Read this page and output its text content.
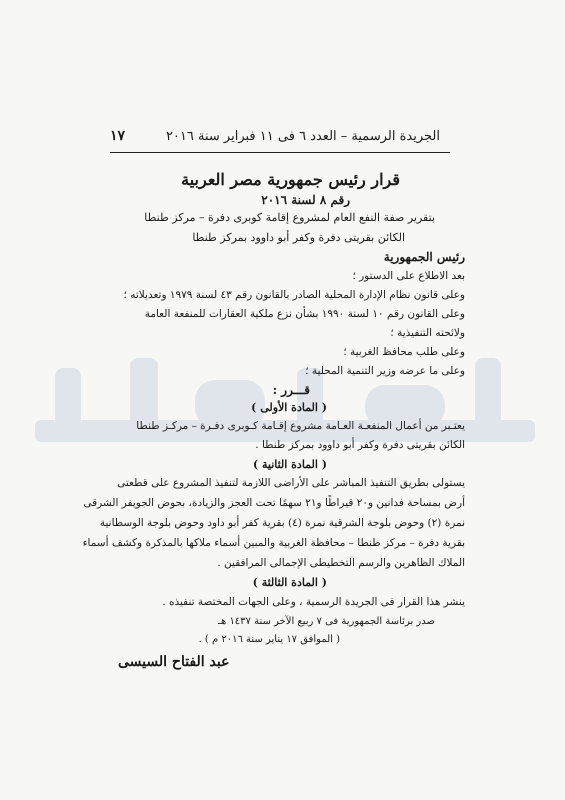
الجريدة الرسمية – العدد ٦ فى ١١ فبراير سنة ٢٠١٦
١٧
قرار رئيس جمهورية مصر العربية
رقم ٨ لسنة ٢٠١٦
بتقرير صفة النفع العام لمشروع إقامة كوبرى دفرة – مركز طنطا
الكائن بقريتى دفرة وكفر أبو داوود بمركز طنطا
رئيس الجمهورية
بعد الاطلاع على الدستور ؛
وعلى قانون نظام الإدارة المحلية الصادر بالقانون رقم ٤٣ لسنة ١٩٧٩ وتعديلاته ؛
وعلى القانون رقم ١٠ لسنة ١٩٩٠ بشأن نزع ملكية العقارات للمنفعة العامة
ولائحته التنفيذية ؛
وعلى طلب محافظ الغربية ؛
وعلى ما عرضه وزير التنمية المحلية ؛
قـــرر :
( المادة الأولى )
يعتـبر من أعمال المنفعـة العـامة مشروع إقـامة كـوبرى دفـرة – مركـز طنطا
الكائن بقريتى دفرة وكفر أبو داوود بمركز طنطا .
( المادة الثانية )
يستولى بطريق التنفيذ المباشر على الأراضى اللازمة لتنفيذ المشروع على قطعتى
أرض بمساحة فدانين و٢٠ قيراطًا و٢١ سهمًا تحت العجز والزيادة، بحوض الجويفر الشرقى
نمرة (٢) وحوض بلوجة الشرقية نمرة (٤) بقرية كفر أبو داود وحوض بلوجة الوسطانية
بقرية دفرة – مركز طنطا – محافظة الغربية والمبين أسماء ملاكها بالمذكرة وكشف أسماء
الملاك الظاهرين والرسم التخطيطى الإجمالى المرافقين .
( المادة الثالثة )
ينشر هذا القرار فى الجريدة الرسمية ، وعلى الجهات المختصة تنفيذه .
صدر برئاسة الجمهورية فى ٧ ربيع الآخر سنة ١٤٣٧ هـ
( الموافق ١٧ يناير سنة ٢٠١٦ م ) .
عبد الفتاح السيسى
